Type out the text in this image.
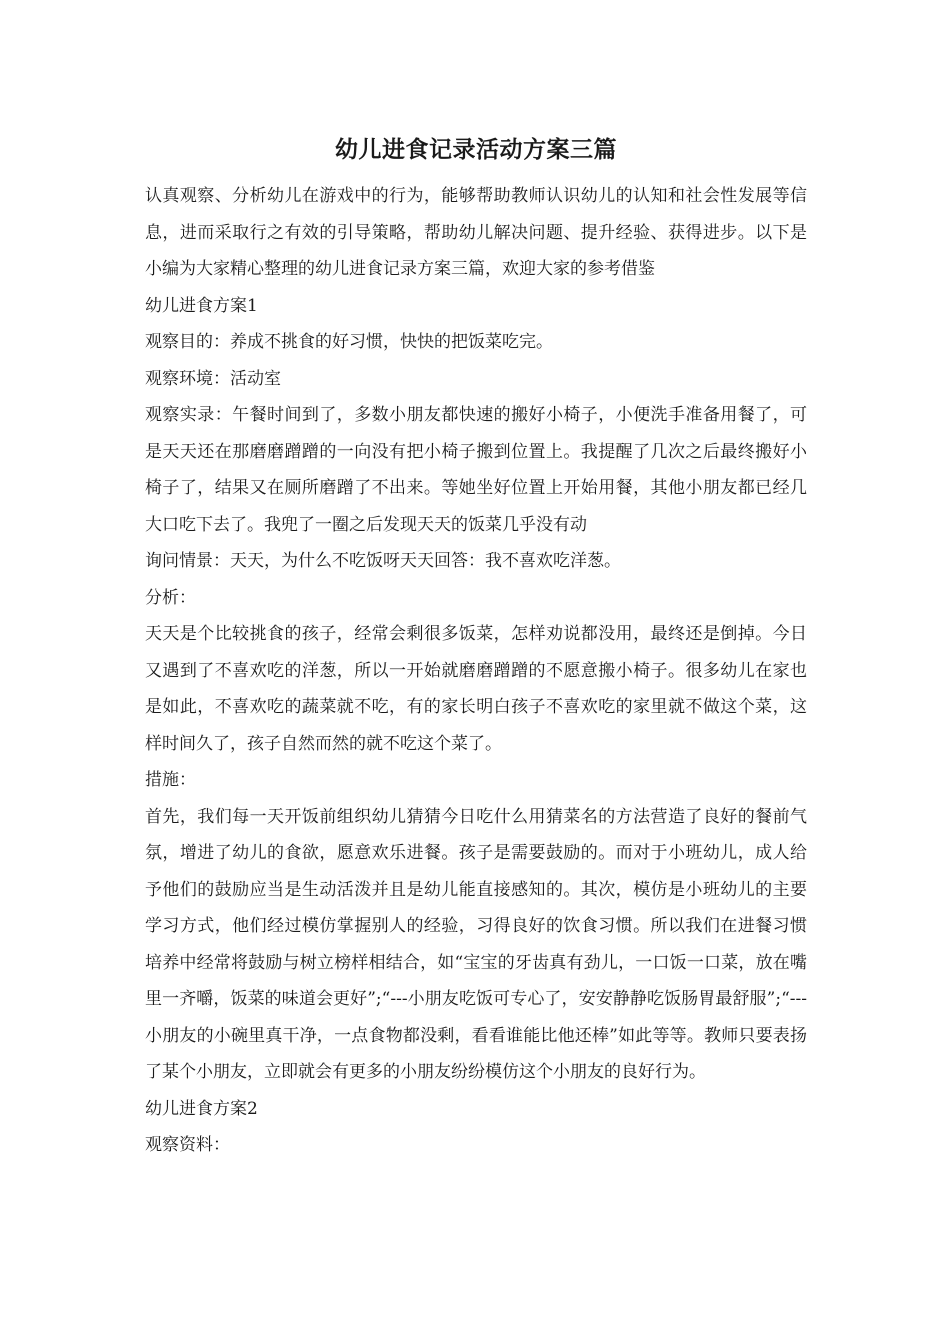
幼儿进食记录活动方案三篇

认真观察、分析幼儿在游戏中的行为，能够帮助教师认识幼儿的认知和社会性发展等信息，进而采取行之有效的引导策略，帮助幼儿解决问题、提升经验、获得进步。以下是小编为大家精心整理的幼儿进食记录方案三篇，欢迎大家的参考借鉴

幼儿进食方案1

观察目的：养成不挑食的好习惯，快快的把饭菜吃完。

观察环境：活动室

观察实录：午餐时间到了，多数小朋友都快速的搬好小椅子，小便洗手准备用餐了，可是天天还在那磨磨蹭蹭的一向没有把小椅子搬到位置上。我提醒了几次之后最终搬好小椅子了，结果又在厕所磨蹭了不出来。等她坐好位置上开始用餐，其他小朋友都已经几大口吃下去了。我兜了一圈之后发现天天的饭菜几乎没有动

询问情景：天天，为什么不吃饭呀天天回答：我不喜欢吃洋葱。

分析：

天天是个比较挑食的孩子，经常会剩很多饭菜，怎样劝说都没用，最终还是倒掉。今日又遇到了不喜欢吃的洋葱，所以一开始就磨磨蹭蹭的不愿意搬小椅子。很多幼儿在家也是如此，不喜欢吃的蔬菜就不吃，有的家长明白孩子不喜欢吃的家里就不做这个菜，这样时间久了，孩子自然而然的就不吃这个菜了。

措施：

首先，我们每一天开饭前组织幼儿猜猜今日吃什么用猜菜名的方法营造了良好的餐前气氛，增进了幼儿的食欲，愿意欢乐进餐。孩子是需要鼓励的。而对于小班幼儿，成人给予他们的鼓励应当是生动活泼并且是幼儿能直接感知的。其次，模仿是小班幼儿的主要学习方式，他们经过模仿掌握别人的经验，习得良好的饮食习惯。所以我们在进餐习惯培养中经常将鼓励与树立榜样相结合，如“宝宝的牙齿真有劲儿，一口饭一口菜，放在嘴里一齐嚼，饭菜的味道会更好”;“---小朋友吃饭可专心了，安安静静吃饭肠胃最舒服”;“---小朋友的小碗里真干净，一点食物都没剩，看看谁能比他还棒”如此等等。教师只要表扬了某个小朋友，立即就会有更多的小朋友纷纷模仿这个小朋友的良好行为。

幼儿进食方案2

观察资料：
